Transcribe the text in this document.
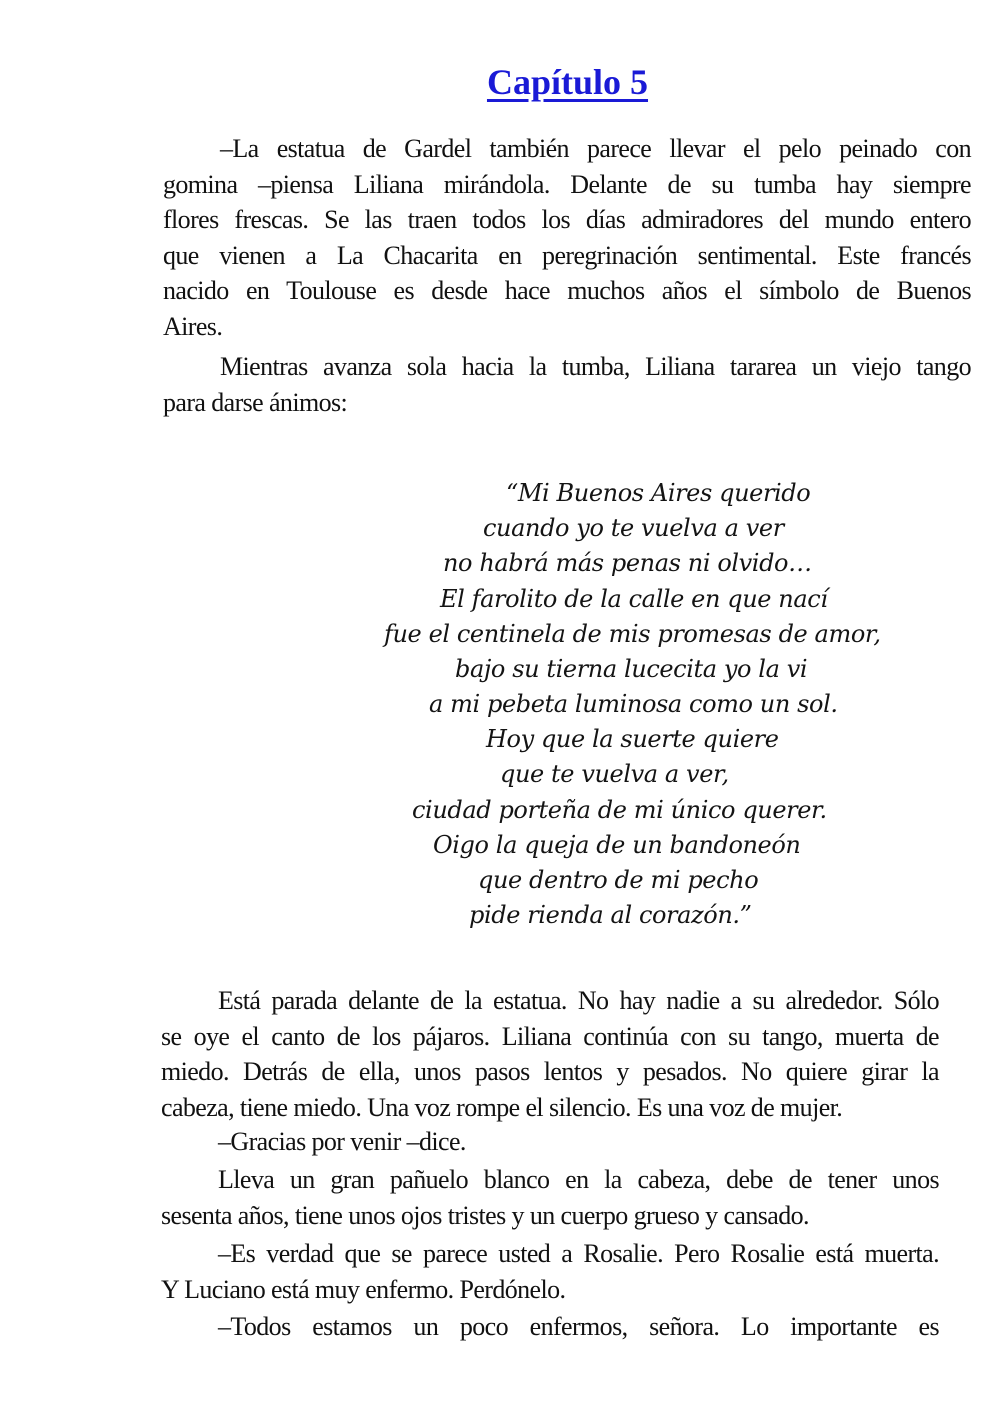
Capítulo 5
–La estatua de Gardel también parece llevar el pelo peinado con
gomina –piensa Liliana mirándola. Delante de su tumba hay siempre
flores frescas. Se las traen todos los días admiradores del mundo entero
que vienen a La Chacarita en peregrinación sentimental. Este francés
nacido en Toulouse es desde hace muchos años el símbolo de Buenos
Aires.
Mientras avanza sola hacia la tumba, Liliana tararea un viejo tango
para darse ánimos:
“Mi Buenos Aires querido
cuando yo te vuelva a ver
no habrá más penas ni olvido…
El farolito de la calle en que nací
fue el centinela de mis promesas de amor,
bajo su tierna lucecita yo la vi
a mi pebeta luminosa como un sol.
Hoy que la suerte quiere
que te vuelva a ver,
ciudad porteña de mi único querer.
Oigo la queja de un bandoneón
que dentro de mi pecho
pide rienda al corazón.”
Está parada delante de la estatua. No hay nadie a su alrededor. Sólo
se oye el canto de los pájaros. Liliana continúa con su tango, muerta de
miedo. Detrás de ella, unos pasos lentos y pesados. No quiere girar la
cabeza, tiene miedo. Una voz rompe el silencio. Es una voz de mujer.
–Gracias por venir –dice.
Lleva un gran pañuelo blanco en la cabeza, debe de tener unos
sesenta años, tiene unos ojos tristes y un cuerpo grueso y cansado.
–Es verdad que se parece usted a Rosalie. Pero Rosalie está muerta.
Y Luciano está muy enfermo. Perdónelo.
–Todos estamos un poco enfermos, señora. Lo importante es
